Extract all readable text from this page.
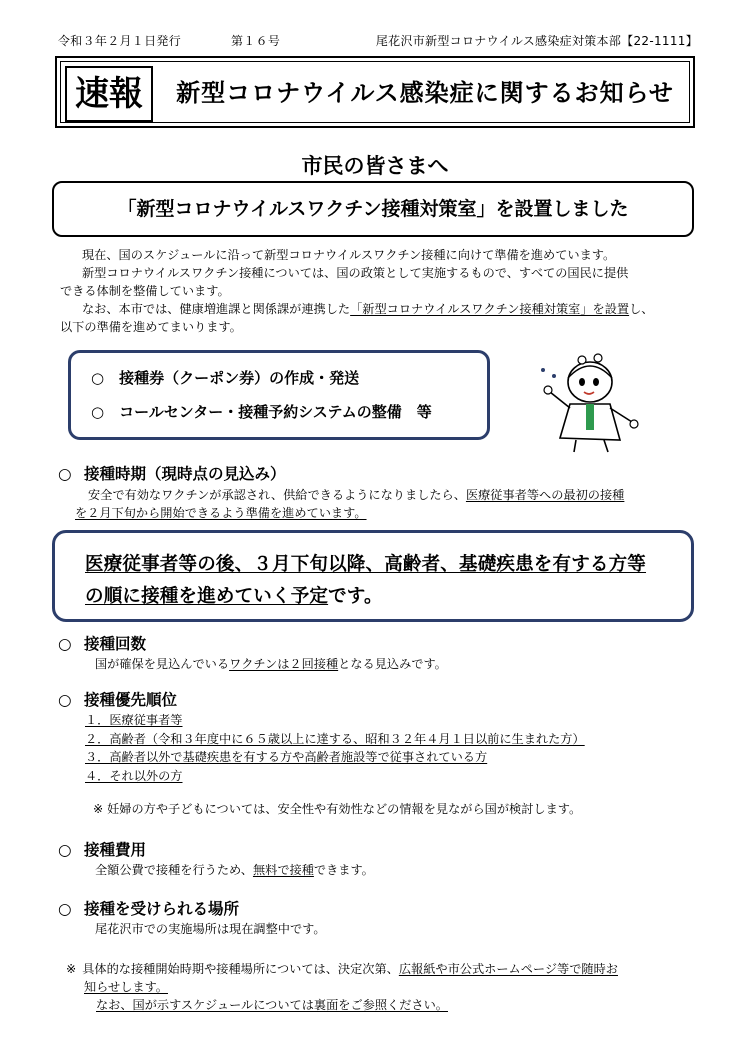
令和３年２月１日発行	第１６号	尾花沢市新型コロナウイルス感染症対策本部【22-1111】
速報	新型コロナウイルス感染症に関するお知らせ
市民の皆さまへ
「新型コロナウイルスワクチン接種対策室」を設置しました

現在、国のスケジュールに沿って新型コロナウイルスワクチン接種に向けて準備を進めています。

新型コロナウイルスワクチン接種については、国の政策として実施するもので、すべての国民に提供

できる体制を整備しています。

なお、本市では、健康増進課と関係課が連携した「新型コロナウイルスワクチン接種対策室」を設置し、

以下の準備を進めてまいります。

○　接種券（クーポン券）の作成・発送
○　コールセンター・接種予約システムの整備　等
○ 接種時期（現時点の見込み）
安全で有効なワクチンが承認され、供給できるようになりましたら、医療従事者等への最初の接種
を２月下旬から開始できるよう準備を進めています。
医療従事者等の後、３月下旬以降、高齢者、基礎疾患を有する方等
の順に接種を進めていく予定です。
○ 接種回数
国が確保を見込んでいるワクチンは２回接種となる見込みです。
○ 接種優先順位
１．医療従事者等
２．高齢者（令和３年度中に６５歳以上に達する、昭和３２年４月１日以前に生まれた方）
３．高齢者以外で基礎疾患を有する方や高齢者施設等で従事されている方
４．それ以外の方
※ 妊婦の方や子どもについては、安全性や有効性などの情報を見ながら国が検討します。
○ 接種費用
全額公費で接種を行うため、無料で接種できます。
○ 接種を受けられる場所
尾花沢市での実施場所は現在調整中です。
※ 具体的な接種開始時期や接種場所については、決定次第、広報紙や市公式ホームページ等で随時お
知らせします。
なお、国が示すスケジュールについては裏面をご参照ください。
